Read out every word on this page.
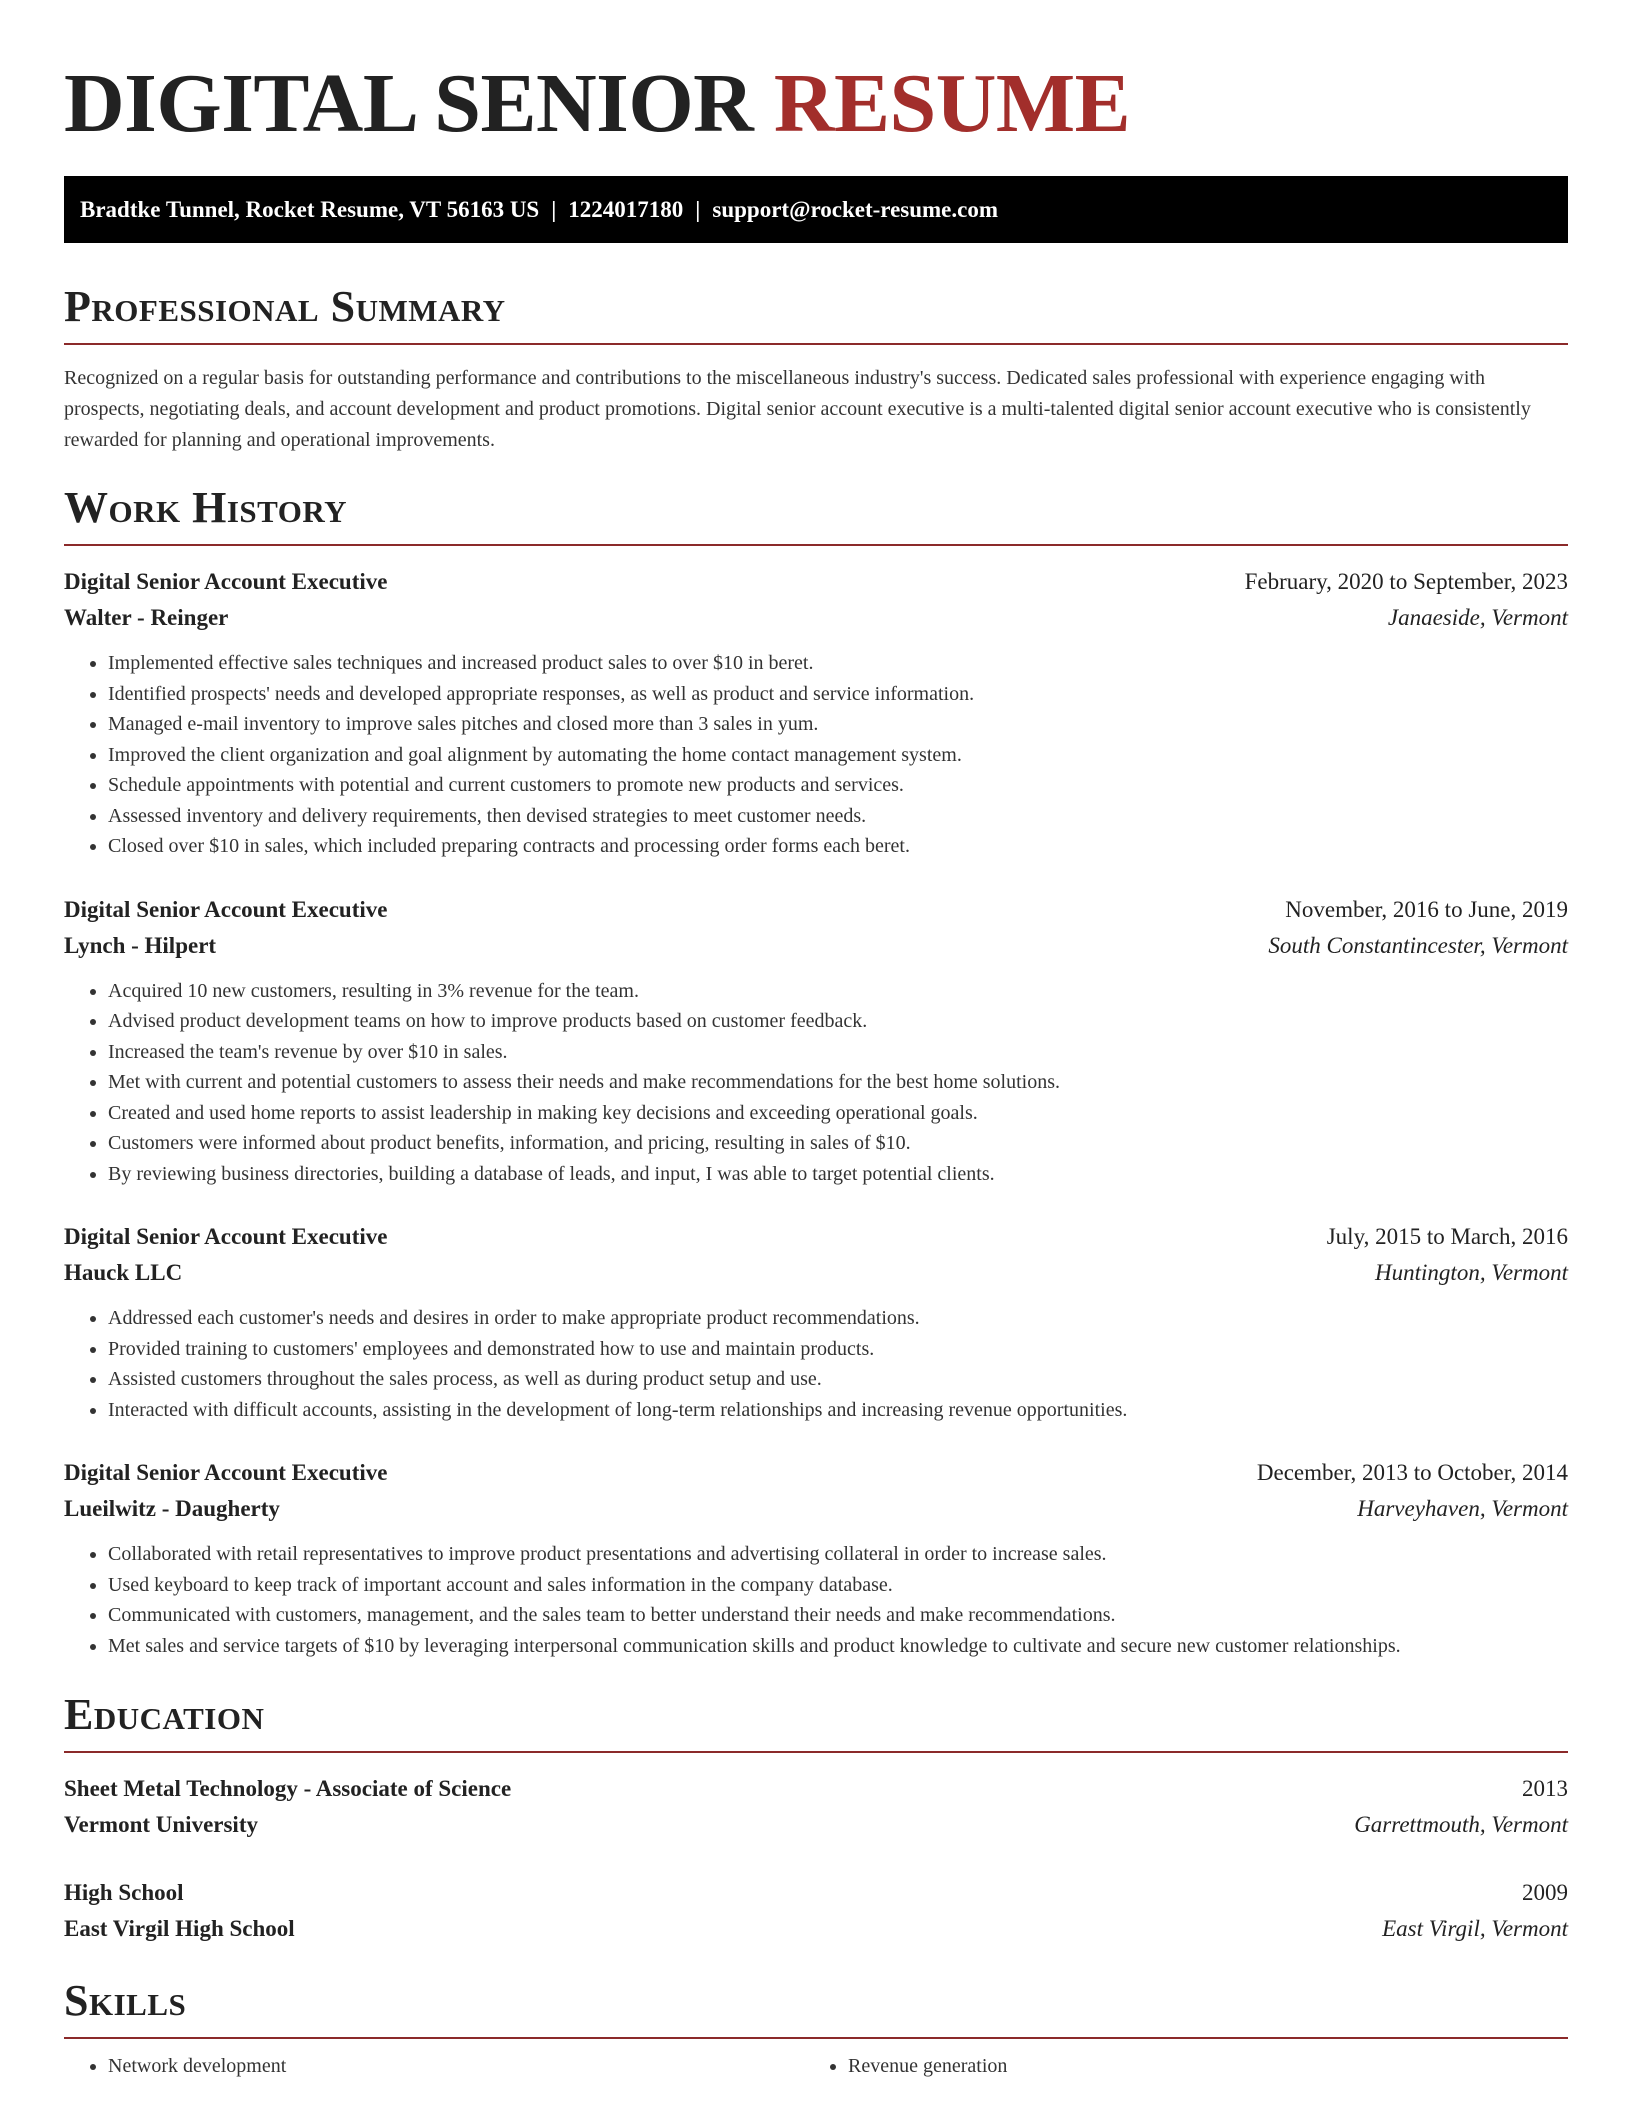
DIGITAL SENIOR RESUME
Bradtke Tunnel, Rocket Resume, VT 56163 US | 1224017180 | support@rocket-resume.com
Professional Summary

Recognized on a regular basis for outstanding performance and contributions to the miscellaneous industry's success. Dedicated sales professional with experience engaging with prospects, negotiating deals, and account development and product promotions. Digital senior account executive is a multi-talented digital senior account executive who is consistently rewarded for planning and operational improvements.

Work History
Digital Senior Account Executive	February, 2020 to September, 2023
Walter - Reinger	Janaeside, Vermont
• Implemented effective sales techniques and increased product sales to over $10 in beret.
• Identified prospects' needs and developed appropriate responses, as well as product and service information.
• Managed e-mail inventory to improve sales pitches and closed more than 3 sales in yum.
• Improved the client organization and goal alignment by automating the home contact management system.
• Schedule appointments with potential and current customers to promote new products and services.
• Assessed inventory and delivery requirements, then devised strategies to meet customer needs.
• Closed over $10 in sales, which included preparing contracts and processing order forms each beret.
Digital Senior Account Executive	November, 2016 to June, 2019
Lynch - Hilpert	South Constantincester, Vermont
• Acquired 10 new customers, resulting in 3% revenue for the team.
• Advised product development teams on how to improve products based on customer feedback.
• Increased the team's revenue by over $10 in sales.
• Met with current and potential customers to assess their needs and make recommendations for the best home solutions.
• Created and used home reports to assist leadership in making key decisions and exceeding operational goals.
• Customers were informed about product benefits, information, and pricing, resulting in sales of $10.
• By reviewing business directories, building a database of leads, and input, I was able to target potential clients.
Digital Senior Account Executive	July, 2015 to March, 2016
Hauck LLC	Huntington, Vermont
• Addressed each customer's needs and desires in order to make appropriate product recommendations.
• Provided training to customers' employees and demonstrated how to use and maintain products.
• Assisted customers throughout the sales process, as well as during product setup and use.
• Interacted with difficult accounts, assisting in the development of long-term relationships and increasing revenue opportunities.
Digital Senior Account Executive	December, 2013 to October, 2014
Lueilwitz - Daugherty	Harveyhaven, Vermont
• Collaborated with retail representatives to improve product presentations and advertising collateral in order to increase sales.
• Used keyboard to keep track of important account and sales information in the company database.
• Communicated with customers, management, and the sales team to better understand their needs and make recommendations.
• Met sales and service targets of $10 by leveraging interpersonal communication skills and product knowledge to cultivate and secure new customer relationships.
Education
Sheet Metal Technology - Associate of Science	2013
Vermont University	Garrettmouth, Vermont
High School	2009
East Virgil High School	East Virgil, Vermont
Skills
• Network development
•	Revenue generation
